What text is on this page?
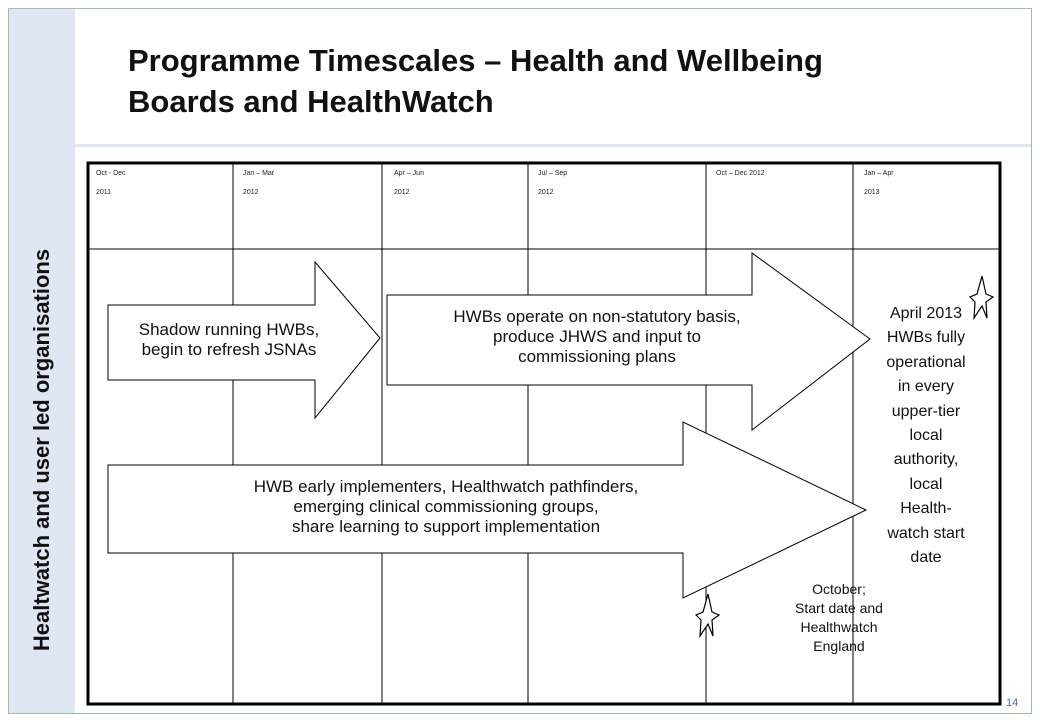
Healtwatch and user led organisations
Programme Timescales – Health and Wellbeing
Boards and HealthWatch
Oct - Dec
2011
Jan – Mar
2012
Apr – Jun
2012
Jul – Sep
2012
Oct – Dec 2012	Jan – Apr
2013
Shadow running HWBs,
begin to refresh JSNAs
HWBs operate on non-statutory basis,
produce JHWS and input to
commissioning plans
HWB early implementers, Healthwatch pathfinders,
emerging clinical commissioning groups,
share learning to support implementation
April 2013
HWBs fully
operational
in every
upper-tier
local
authority,
local
Health-
watch start
date
October;
Start date and
Healthwatch
England
14
